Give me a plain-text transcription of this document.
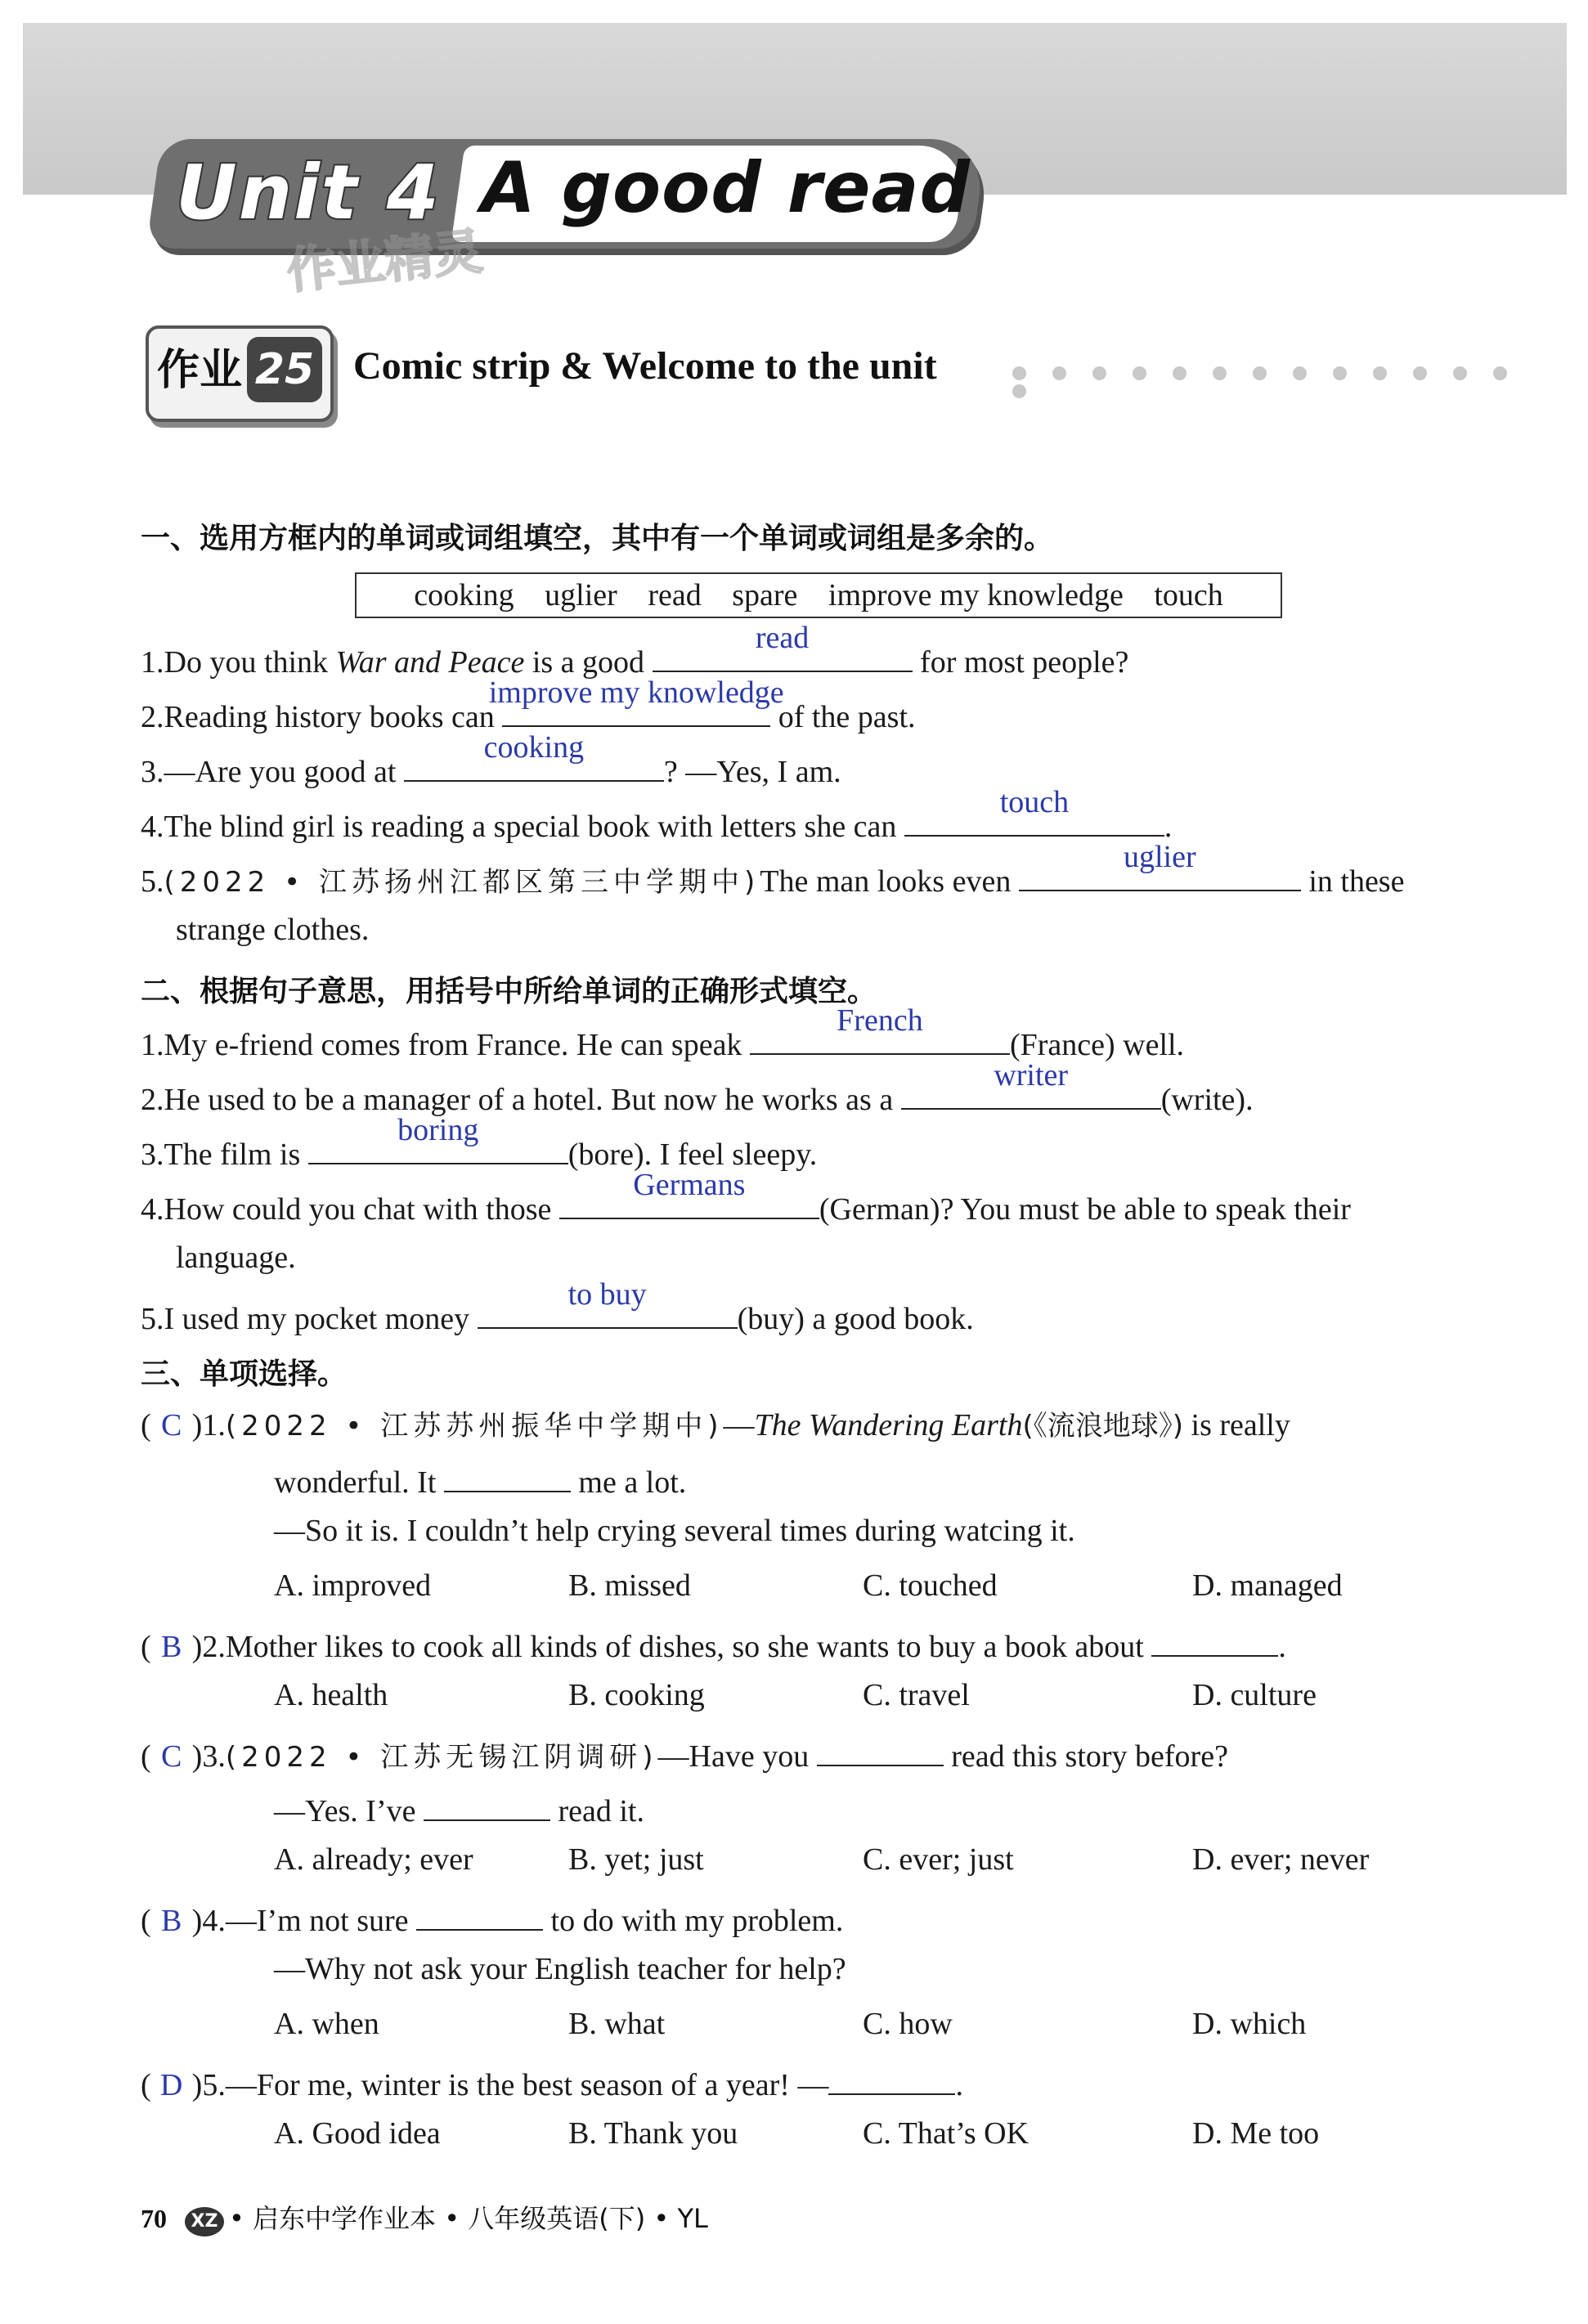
Unit 4 A good read
作业精灵
作业 25 Comic strip & Welcome to the unit
一、选用方框内的单词或词组填空，其中有一个单词或词组是多余的。
cooking uglier read spare improve my knowledge touch
1.Do you think War and Peace is a good
read
for most people?
2.Reading history books can
improve my knowledge
of the past.
3.—Are you good at
cooking
? —Yes, I am.
4.The blind girl is reading a special book with letters she can
touch
.
5.(2022 • 江苏扬州江都区第三中学期中)The man looks even
uglier
in these
strange clothes.
二、根据句子意思，用括号中所给单词的正确形式填空。
1.My e-friend comes from France. He can speak
French
(France) well.
2.He used to be a manager of a hotel. But now he works as a
writer
(write).
3.The film is
boring
(bore). I feel sleepy.
4.How could you chat with those
Germans
(German)? You must be able to speak their
language.
5.I used my pocket money
to buy
(buy) a good book.
三、单项选择。
( C )1.(2022 • 江苏苏州振华中学期中)—The Wandering Earth(《流浪地球》) is really
wonderful. It	me a lot.
—So it is. I couldn’t help crying several times during watcing it.
A. improved	B. missed	C. touched	D. managed
( B )2.Mother likes to cook all kinds of dishes, so she wants to buy a book about	.
A. health	B. cooking	C. travel	D. culture
( C )3.(2022 • 江苏无锡江阴调研)—Have you	read this story before?
—Yes. I’ve	read it.
A. already; ever	B. yet; just	C. ever; just	D. ever; never
( B )4.—I’m not sure	to do with my problem.
—Why not ask your English teacher for help?
A. when	B. what	C. how	D. which
( D )5.—For me, winter is the best season of a year! —	.
A. Good idea	B. Thank you	C. That’s OK	D. Me too
70 XZ • 启东中学作业本 • 八年级英语(下) • YL
